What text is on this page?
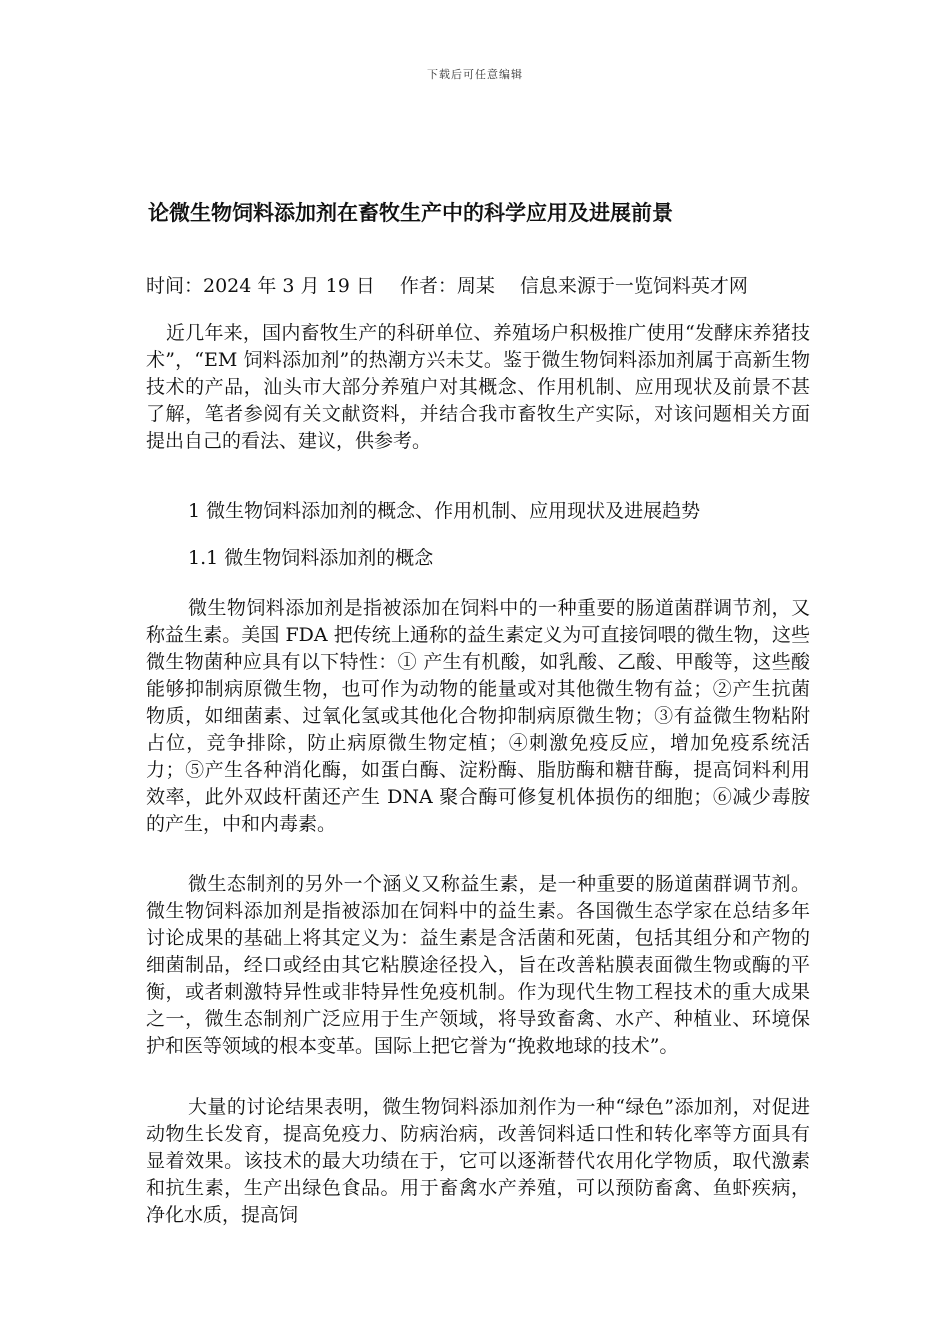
下载后可任意编辑
论微生物饲料添加剂在畜牧生产中的科学应用及进展前景
时间：2024 年 3 月 19 日　 作者：周某　 信息来源于一览饲料英才网

近几年来，国内畜牧生产的科研单位、养殖场户积极推广使用“发酵床养猪技术”，“EM 饲料添加剂”的热潮方兴未艾。鉴于微生物饲料添加剂属于高新生物技术的产品，汕头市大部分养殖户对其概念、作用机制、应用现状及前景不甚了解，笔者参阅有关文献资料，并结合我市畜牧生产实际，对该问题相关方面提出自己的看法、建议，供参考。

1 微生物饲料添加剂的概念、作用机制、应用现状及进展趋势
1.1 微生物饲料添加剂的概念

微生物饲料添加剂是指被添加在饲料中的一种重要的肠道菌群调节剂，又称益生素。美国 FDA 把传统上通称的益生素定义为可直接饲喂的微生物，这些微生物菌种应具有以下特性：① 产生有机酸，如乳酸、乙酸、甲酸等，这些酸能够抑制病原微生物，也可作为动物的能量或对其他微生物有益；②产生抗菌物质，如细菌素、过氧化氢或其他化合物抑制病原微生物；③有益微生物粘附占位，竞争排除，防止病原微生物定植；④刺激免疫反应，增加免疫系统活力；⑤产生各种消化酶，如蛋白酶、淀粉酶、脂肪酶和糖苷酶，提高饲料利用效率，此外双歧杆菌还产生 DNA 聚合酶可修复机体损伤的细胞；⑥减少毒胺的产生，中和内毒素。

微生态制剂的另外一个涵义又称益生素，是一种重要的肠道菌群调节剂。微生物饲料添加剂是指被添加在饲料中的益生素。各国微生态学家在总结多年讨论成果的基础上将其定义为：益生素是含活菌和死菌，包括其组分和产物的细菌制品，经口或经由其它粘膜途径投入，旨在改善粘膜表面微生物或酶的平衡，或者刺激特异性或非特异性免疫机制。作为现代生物工程技术的重大成果之一，微生态制剂广泛应用于生产领域，将导致畜禽、水产、种植业、环境保护和医等领域的根本变革。国际上把它誉为“挽救地球的技术”。

大量的讨论结果表明，微生物饲料添加剂作为一种“绿色”添加剂，对促进动物生长发育，提高免疫力、防病治病，改善饲料适口性和转化率等方面具有显着效果。该技术的最大功绩在于，它可以逐渐替代农用化学物质，取代激素和抗生素，生产出绿色食品。用于畜禽水产养殖，可以预防畜禽、鱼虾疾病，净化水质，提高饲
